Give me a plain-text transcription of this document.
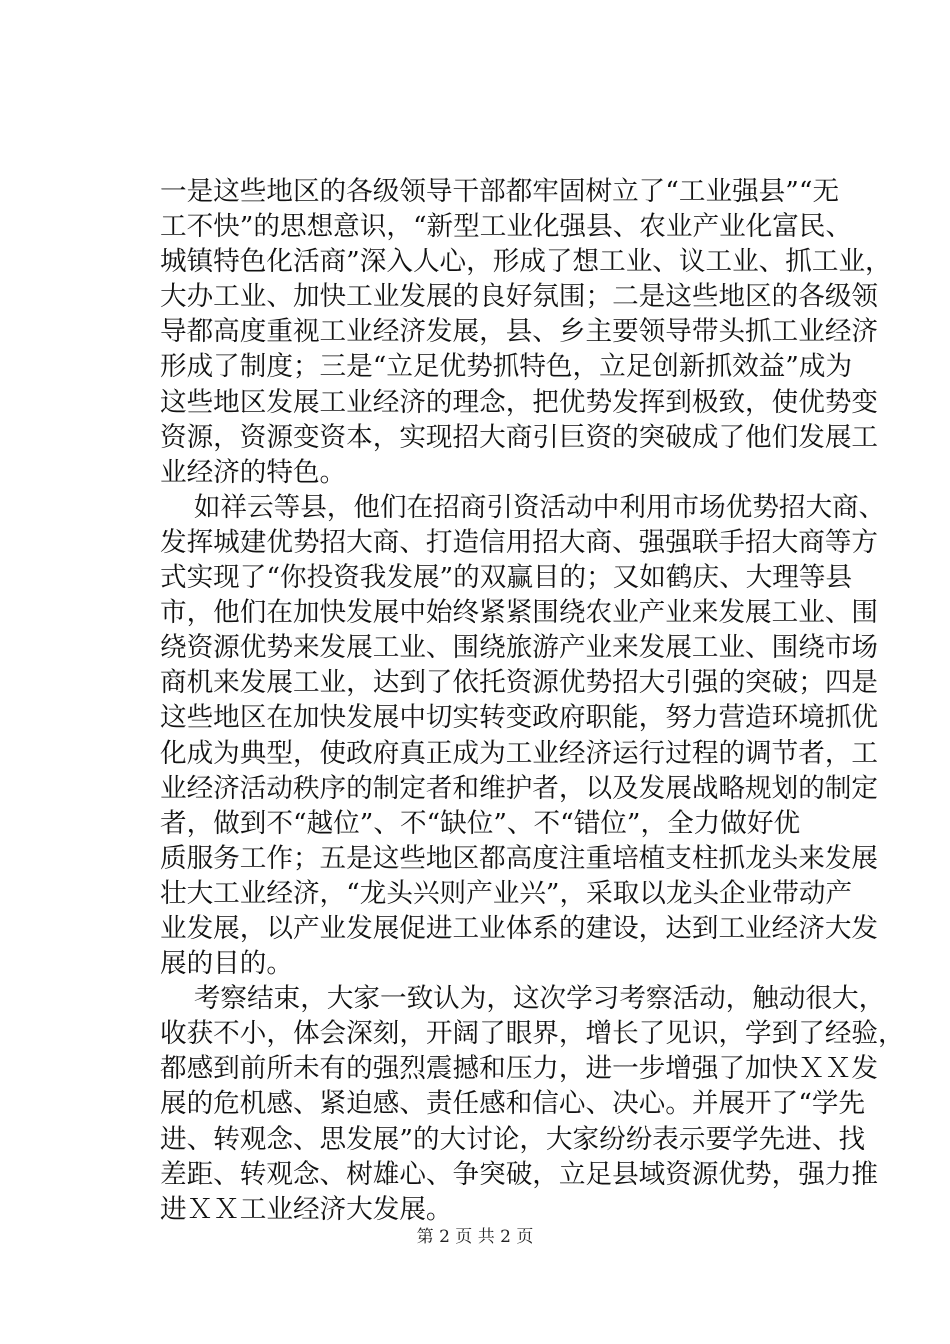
一是这些地区的各级领导干部都牢固树立了“工业强县”“无
工不快”的思想意识，“新型工业化强县、农业产业化富民、
城镇特色化活商”深入人心，形成了想工业、议工业、抓工业，
大办工业、加快工业发展的良好氛围；二是这些地区的各级领
导都高度重视工业经济发展，县、乡主要领导带头抓工业经济
形成了制度；三是“立足优势抓特色，立足创新抓效益”成为
这些地区发展工业经济的理念，把优势发挥到极致，使优势变
资源，资源变资本，实现招大商引巨资的突破成了他们发展工
业经济的特色。
如祥云等县，他们在招商引资活动中利用市场优势招大商、
发挥城建优势招大商、打造信用招大商、强强联手招大商等方
式实现了“你投资我发展”的双赢目的；又如鹤庆、大理等县
市，他们在加快发展中始终紧紧围绕农业产业来发展工业、围
绕资源优势来发展工业、围绕旅游产业来发展工业、围绕市场
商机来发展工业，达到了依托资源优势招大引强的突破；四是
这些地区在加快发展中切实转变政府职能，努力营造环境抓优
化成为典型，使政府真正成为工业经济运行过程的调节者，工
业经济活动秩序的制定者和维护者，以及发展战略规划的制定
者，做到不“越位”、不“缺位”、不“错位”，全力做好优
质服务工作；五是这些地区都高度注重培植支柱抓龙头来发展
壮大工业经济，“龙头兴则产业兴”，采取以龙头企业带动产
业发展，以产业发展促进工业体系的建设，达到工业经济大发
展的目的。
考察结束，大家一致认为，这次学习考察活动，触动很大，
收获不小，体会深刻，开阔了眼界，增长了见识，学到了经验，
都感到前所未有的强烈震撼和压力，进一步增强了加快ＸＸ发
展的危机感、紧迫感、责任感和信心、决心。并展开了“学先
进、转观念、思发展”的大讨论，大家纷纷表示要学先进、找
差距、转观念、树雄心、争突破，立足县域资源优势，强力推
进ＸＸ工业经济大发展。
第 2 页 共 2 页
